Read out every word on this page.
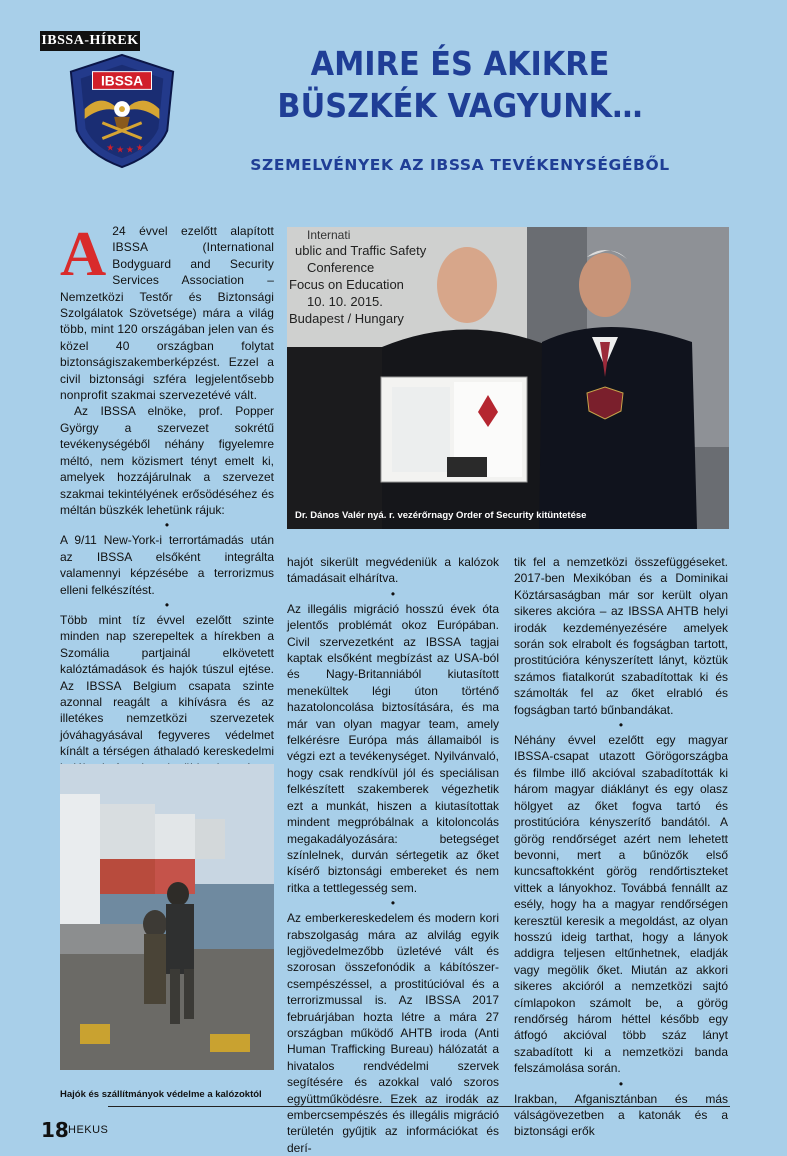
IBSSA-HÍREK
IBSSA
★ ★ ★ ★
AMIRE ÉS AKIKRE BÜSZKÉK VAGYUNK…
SZEMELVÉNYEK AZ IBSSA TEVÉKENYSÉGÉBŐL
A 24 évvel ezelőtt alapított IBSSA (International Bodyguard and Security Services Association – Nemzetközi Testőr és Biztonsági Szolgálatok Szövetsége) mára a világ több, mint 120 országában jelen van és közel 40 országban folytat biztonságiszakemberképzést. Ezzel a civil biztonsági szféra legjelentősebb nonprofit szakmai szervezetévé vált.

Az IBSSA elnöke, prof. Popper György a szervezet sokrétű tevékenységéből néhány figyelemre méltó, nem közismert tényt emelt ki, amelyek hozzájárulnak a szervezet szakmai tekintélyének erősödéséhez és méltán büszkék lehetünk rájuk:

•

A 9/11 New-York-i terrortámadás után az IBSSA elsőként integrálta valamennyi képzésébe a terrorizmus elleni felkészítést.

•

Több mint tíz évvel ezelőtt szinte minden nap szerepeltek a hírekben a Szomália partjainál elkövetett kalóztámadások és hajók túszul ejtése. Az IBSSA Belgium csapata szinte azonnal reagált a kihívásra és az illetékes nemzetközi szervezetek jóváhagyásával fegyveres védelmet kínált a térségen áthaladó kereskedelmi

Hajók és szállítmányok védelme a kalózoktól
Internati
ublic and Traffic Safety
Conference
Focus on Education
10. 10. 2015.
Budapest / Hungary
Dr. Dános Valér nyá. r. vezérőrnagy Order of Security kitüntetése

hajót sikerült megvédeniük a kalózok támadásait elhárítva.

•

Az illegális migráció hosszú évek óta jelentős problémát okoz Európában. Civil szervezetként az IBSSA tagjai kaptak elsőként megbízást az USA-ból és Nagy-Britanniából kiutasított menekültek légi úton történő hazatoloncolása biztosítására, és ma már van olyan magyar team, amely felkérésre Európa más államaiból is végzi ezt a tevékenységet. Nyilvánvaló, hogy csak rendkívül jól és speciálisan felkészített szakemberek végezhetik ezt a munkát, hiszen a kiutasítottak mindent megpróbálnak a kitoloncolás megakadályozására: betegséget színlelnek, durván sértegetik az őket kísérő biztonsági embereket és nem ritka a tettlegesség sem.

•

Az emberkereskedelem és modern kori rabszolgaság mára az alvilág egyik legjövedelmezőbb üzletévé vált és szorosan összefonódik a kábítószer-csempészéssel, a prostitúcióval és a terrorizmussal is. Az IBSSA 2017 februárjában hozta létre a mára 27 országban működő AHTB iroda (Anti Human Trafficking Bureau) hálózatát a hivatalos rendvédelmi szervek segítésére és azokkal való szoros együttműködésre. Ezek az irodák az embercsempészés és illegális migráció területén gyűjtik az információkat és derí-

tik fel a nemzetközi összefüggéseket. 2017-ben Mexikóban és a Dominikai Köztársaságban már sor került olyan sikeres akcióra – az IBSSA AHTB helyi irodák kezdeményezésére amelyek során sok elrabolt és fogságban tartott, prostitúcióra kényszerített lányt, köztük számos fiatalkorút szabadítottak ki és számolták fel az őket elrabló és fogságban tartó bűnbandákat.

•

Néhány évvel ezelőtt egy magyar IBSSA-csapat utazott Görögországba és filmbe illő akcióval szabadították ki három magyar diáklányt és egy olasz hölgyet az őket fogva tartó és prostitúcióra kényszerítő bandától. A görög rendőrséget azért nem lehetett bevonni, mert a bűnözők első kuncsaftokként görög rendőrtiszteket vittek a lányokhoz. Továbbá fennállt az esély, hogy ha a magyar rendőrségen keresztül keresik a megoldást, az olyan hosszú ideig tarthat, hogy a lányok addigra teljesen eltűnhetnek, eladják vagy megölik őket. Miután az akkori sikeres akcióról a nemzetközi sajtó címlapokon számolt be, a görög rendőrség három héttel később egy átfogó akcióval több száz lányt szabadított ki a nemzetközi banda felszámolása során.

•

Irakban, Afganisztánban és más válságövezetben a katonák és a biztonsági erők

18 HEKUS
